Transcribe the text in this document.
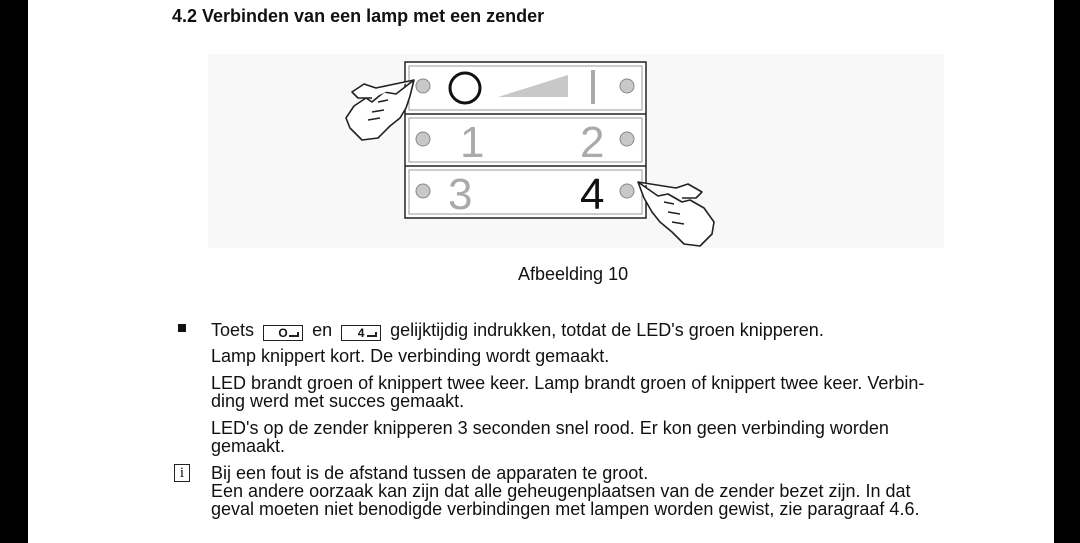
4.2 Verbinden van een lamp met een zender
1 2
3 4
Afbeelding 10
Toets O en 4 gelijktijdig indrukken, totdat de LED's groen knipperen.
Lamp knippert kort. De verbinding wordt gemaakt.
LED brandt groen of knippert twee keer. Lamp brandt groen of knippert twee keer. Verbin-
ding werd met succes gemaakt.
LED's op de zender knipperen 3 seconden snel rood. Er kon geen verbinding worden
gemaakt.
i	Bij een fout is de afstand tussen de apparaten te groot.
Een andere oorzaak kan zijn dat alle geheugenplaatsen van de zender bezet zijn. In dat
geval moeten niet benodigde verbindingen met lampen worden gewist, zie paragraaf 4.6.
